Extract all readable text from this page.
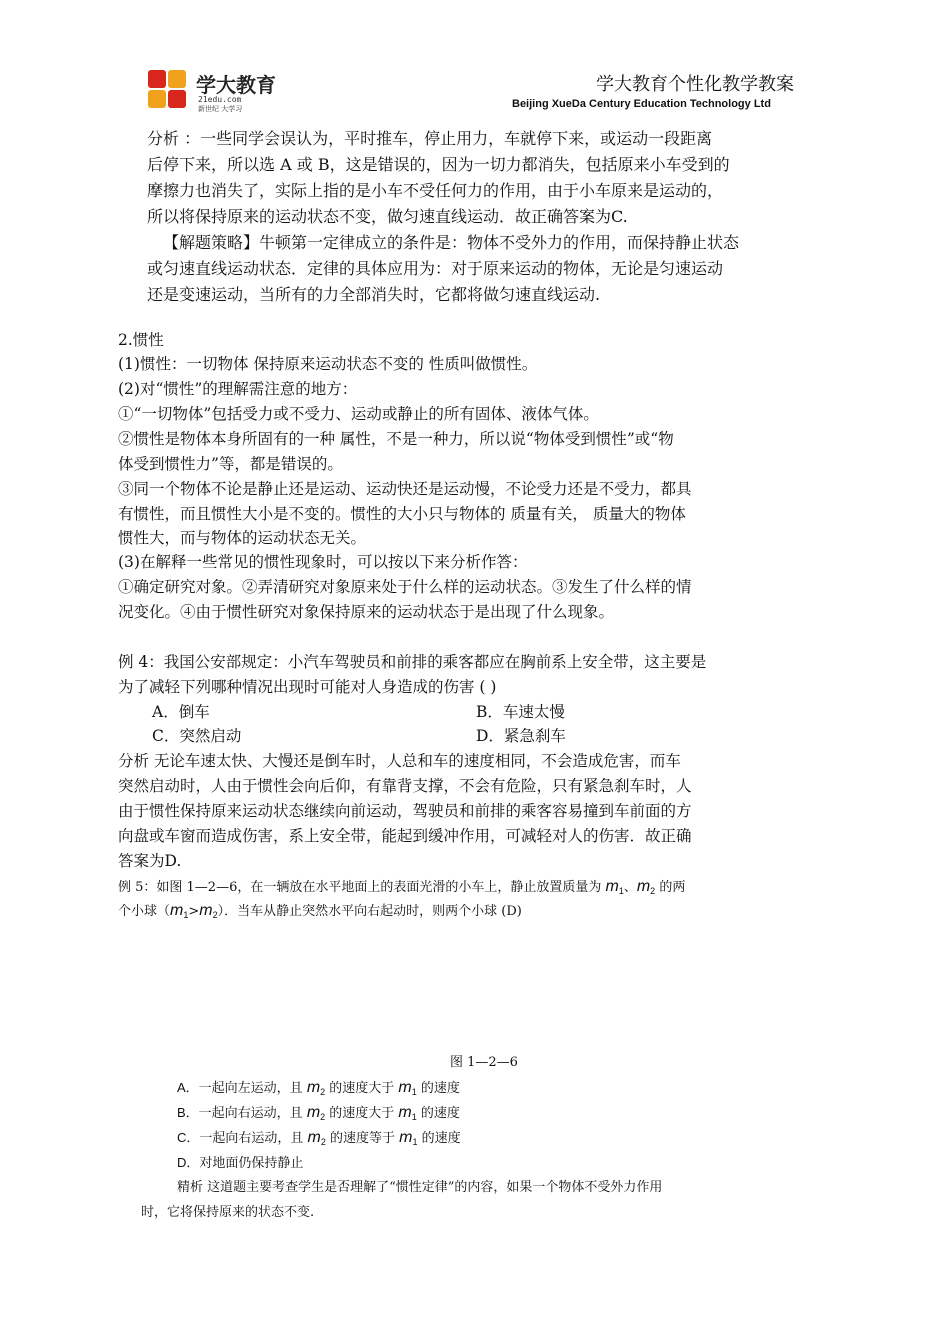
学大教育
21edu.com
新世纪 大学习
学大教育个性化教学教案
Beijing XueDa Century Education Technology Ltd
分析 ：一些同学会误认为，平时推车，停止用力，车就停下来，或运动一段距离
后停下来，所以选 A 或 B，这是错误的，因为一切力都消失，包括原来小车受到的
摩擦力也消失了，实际上指的是小车不受任何力的作用，由于小车原来是运动的，
所以将保持原来的运动状态不变，做匀速直线运动．故正确答案为C.
【解题策略】牛顿第一定律成立的条件是：物体不受外力的作用，而保持静止状态
或匀速直线运动状态．定律的具体应用为：对于原来运动的物体，无论是匀速运动
还是变速运动，当所有的力全部消失时，它都将做匀速直线运动.
2.惯性
(1)惯性：一切物体 保持原来运动状态不变的 性质叫做惯性。
(2)对“惯性”的理解需注意的地方：
①“一切物体”包括受力或不受力、运动或静止的所有固体、液体气体。
②惯性是物体本身所固有的一种 属性，不是一种力，所以说“物体受到惯性”或“物
体受到惯性力”等，都是错误的。
③同一个物体不论是静止还是运动、运动快还是运动慢，不论受力还是不受力，都具
有惯性，而且惯性大小是不变的。惯性的大小只与物体的 质量有关， 质量大的物体
惯性大，而与物体的运动状态无关。
(3)在解释一些常见的惯性现象时，可以按以下来分析作答：
①确定研究对象。②弄清研究对象原来处于什么样的运动状态。③发生了什么样的情
况变化。④由于惯性研究对象保持原来的运动状态于是出现了什么现象。
例 4：我国公安部规定：小汽车驾驶员和前排的乘客都应在胸前系上安全带，这主要是
为了减轻下列哪种情况出现时可能对人身造成的伤害 ( )
A．倒车	B．车速太慢
C．突然启动	D．紧急刹车
分析 无论车速太快、大慢还是倒车时，人总和车的速度相同，不会造成危害，而车
突然启动时，人由于惯性会向后仰，有靠背支撑，不会有危险，只有紧急刹车时，人
由于惯性保持原来运动状态继续向前运动，驾驶员和前排的乘客容易撞到车前面的方
向盘或车窗而造成伤害，系上安全带，能起到缓冲作用，可减轻对人的伤害．故正确
答案为D.
例 5：如图 1—2—6，在一辆放在水平地面上的表面光滑的小车上，静止放置质量为 $m_1$、$m_2$ 的两
个小球$(m_1>m_2)$．当车从静止突然水平向右起动时，则两个小球 (D)
图 1—2—6
A．一起向左运动，且 $m_2$ 的速度大于 $m_1$ 的速度
B．一起向右运动，且 $m_2$ 的速度大于 $m_1$ 的速度
C．一起向右运动，且 $m_2$ 的速度等于 $m_1$ 的速度
D．对地面仍保持静止
精析 这道题主要考查学生是否理解了“惯性定律”的内容，如果一个物体不受外力作用
时，它将保持原来的状态不变.
